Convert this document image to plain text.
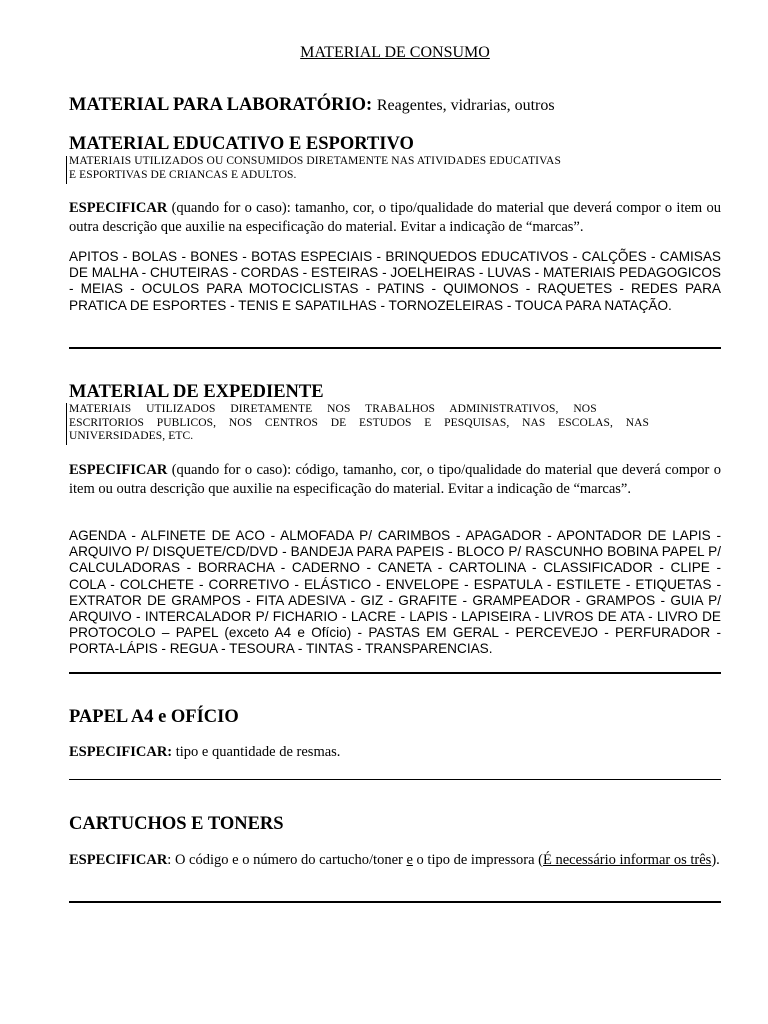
MATERIAL DE CONSUMO
MATERIAL PARA LABORATÓRIO: Reagentes, vidrarias, outros
MATERIAL EDUCATIVO E ESPORTIVO

MATERIAIS UTILIZADOS OU CONSUMIDOS DIRETAMENTE NAS ATIVIDADES EDUCATIVAS
E ESPORTIVAS DE CRIANCAS E ADULTOS.

ESPECIFICAR (quando for o caso): tamanho, cor, o tipo/qualidade do material que deverá compor o item ou outra descrição que auxilie na especificação do material. Evitar a indicação de “marcas”.

APITOS - BOLAS - BONES - BOTAS ESPECIAIS - BRINQUEDOS EDUCATIVOS - CALÇÕES - CAMISAS DE MALHA - CHUTEIRAS - CORDAS - ESTEIRAS - JOELHEIRAS - LUVAS - MATERIAIS PEDAGOGICOS - MEIAS - OCULOS PARA MOTOCICLISTAS - PATINS - QUIMONOS - RAQUETES - REDES PARA PRATICA DE ESPORTES - TENIS E SAPATILHAS - TORNOZELEIRAS - TOUCA PARA NATAÇÃO.

MATERIAL DE EXPEDIENTE

MATERIAIS     UTILIZADOS     DIRETAMENTE     NOS     TRABALHOS     ADMINISTRATIVOS,     NOS
ESCRITORIOS PUBLICOS, NOS CENTROS DE ESTUDOS E PESQUISAS, NAS ESCOLAS, NAS
UNIVERSIDADES, ETC.

ESPECIFICAR (quando for o caso): código, tamanho, cor, o tipo/qualidade do material que deverá compor o item ou outra descrição que auxilie na especificação do material. Evitar a indicação de “marcas”.

AGENDA - ALFINETE DE ACO - ALMOFADA P/ CARIMBOS - APAGADOR - APONTADOR DE LAPIS - ARQUIVO P/ DISQUETE/CD/DVD - BANDEJA PARA PAPEIS - BLOCO P/ RASCUNHO BOBINA PAPEL P/ CALCULADORAS - BORRACHA - CADERNO - CANETA - CARTOLINA - CLASSIFICADOR - CLIPE - COLA - COLCHETE - CORRETIVO - ELÁSTICO - ENVELOPE - ESPATULA - ESTILETE - ETIQUETAS - EXTRATOR DE GRAMPOS - FITA ADESIVA - GIZ - GRAFITE - GRAMPEADOR - GRAMPOS - GUIA P/ ARQUIVO - INTERCALADOR P/ FICHARIO - LACRE - LAPIS - LAPISEIRA - LIVROS DE ATA - LIVRO DE PROTOCOLO – PAPEL (exceto A4 e Ofício) - PASTAS EM GERAL - PERCEVEJO - PERFURADOR - PORTA-LÁPIS - REGUA - TESOURA - TINTAS - TRANSPARENCIAS.

PAPEL A4 e OFÍCIO

ESPECIFICAR: tipo e quantidade de resmas.

CARTUCHOS E TONERS

ESPECIFICAR: O código e o número do cartucho/toner e o tipo de impressora (É necessário informar os três).
